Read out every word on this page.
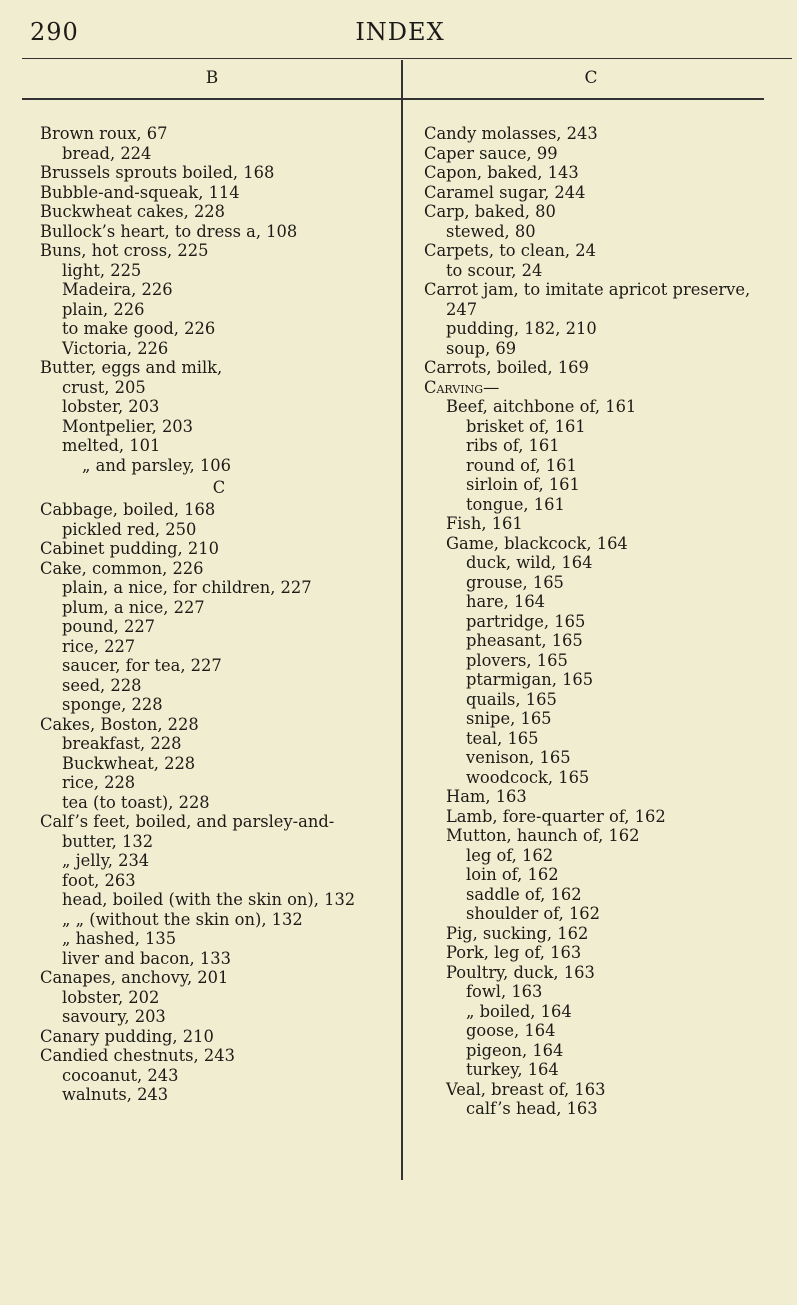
290	INDEX
B	C
Brown roux, 67
bread, 224
Brussels sprouts boiled, 168
Bubble-and-squeak, 114
Buckwheat cakes, 228
Bullock’s heart, to dress a, 108
Buns, hot cross, 225
light, 225
Madeira, 226
plain, 226
to make good, 226
Victoria, 226
Butter, eggs and milk,
crust, 205
lobster, 203
Montpelier, 203
melted, 101
„ and parsley, 106
C
Cabbage, boiled, 168
pickled red, 250
Cabinet pudding, 210
Cake, common, 226
plain, a nice, for children, 227
plum, a nice, 227
pound, 227
rice, 227
saucer, for tea, 227
seed, 228
sponge, 228
Cakes, Boston, 228
breakfast, 228
Buckwheat, 228
rice, 228
tea (to toast), 228
Calf’s feet, boiled, and parsley-and-
butter, 132
„ jelly, 234
foot, 263
head, boiled (with the skin on), 132
„ „ (without the skin on), 132
„ hashed, 135
liver and bacon, 133
Canapes, anchovy, 201
lobster, 202
savoury, 203
Canary pudding, 210
Candied chestnuts, 243
cocoanut, 243
walnuts, 243
Candy molasses, 243
Caper sauce, 99
Capon, baked, 143
Caramel sugar, 244
Carp, baked, 80
stewed, 80
Carpets, to clean, 24
to scour, 24
Carrot jam, to imitate apricot preserve,
247
pudding, 182, 210
soup, 69
Carrots, boiled, 169
Carving—
Beef, aitchbone of, 161
brisket of, 161
ribs of, 161
round of, 161
sirloin of, 161
tongue, 161
Fish, 161
Game, blackcock, 164
duck, wild, 164
grouse, 165
hare, 164
partridge, 165
pheasant, 165
plovers, 165
ptarmigan, 165
quails, 165
snipe, 165
teal, 165
venison, 165
woodcock, 165
Ham, 163
Lamb, fore-quarter of, 162
Mutton, haunch of, 162
leg of, 162
loin of, 162
saddle of, 162
shoulder of, 162
Pig, sucking, 162
Pork, leg of, 163
Poultry, duck, 163
fowl, 163
„ boiled, 164
goose, 164
pigeon, 164
turkey, 164
Veal, breast of, 163
calf’s head, 163
